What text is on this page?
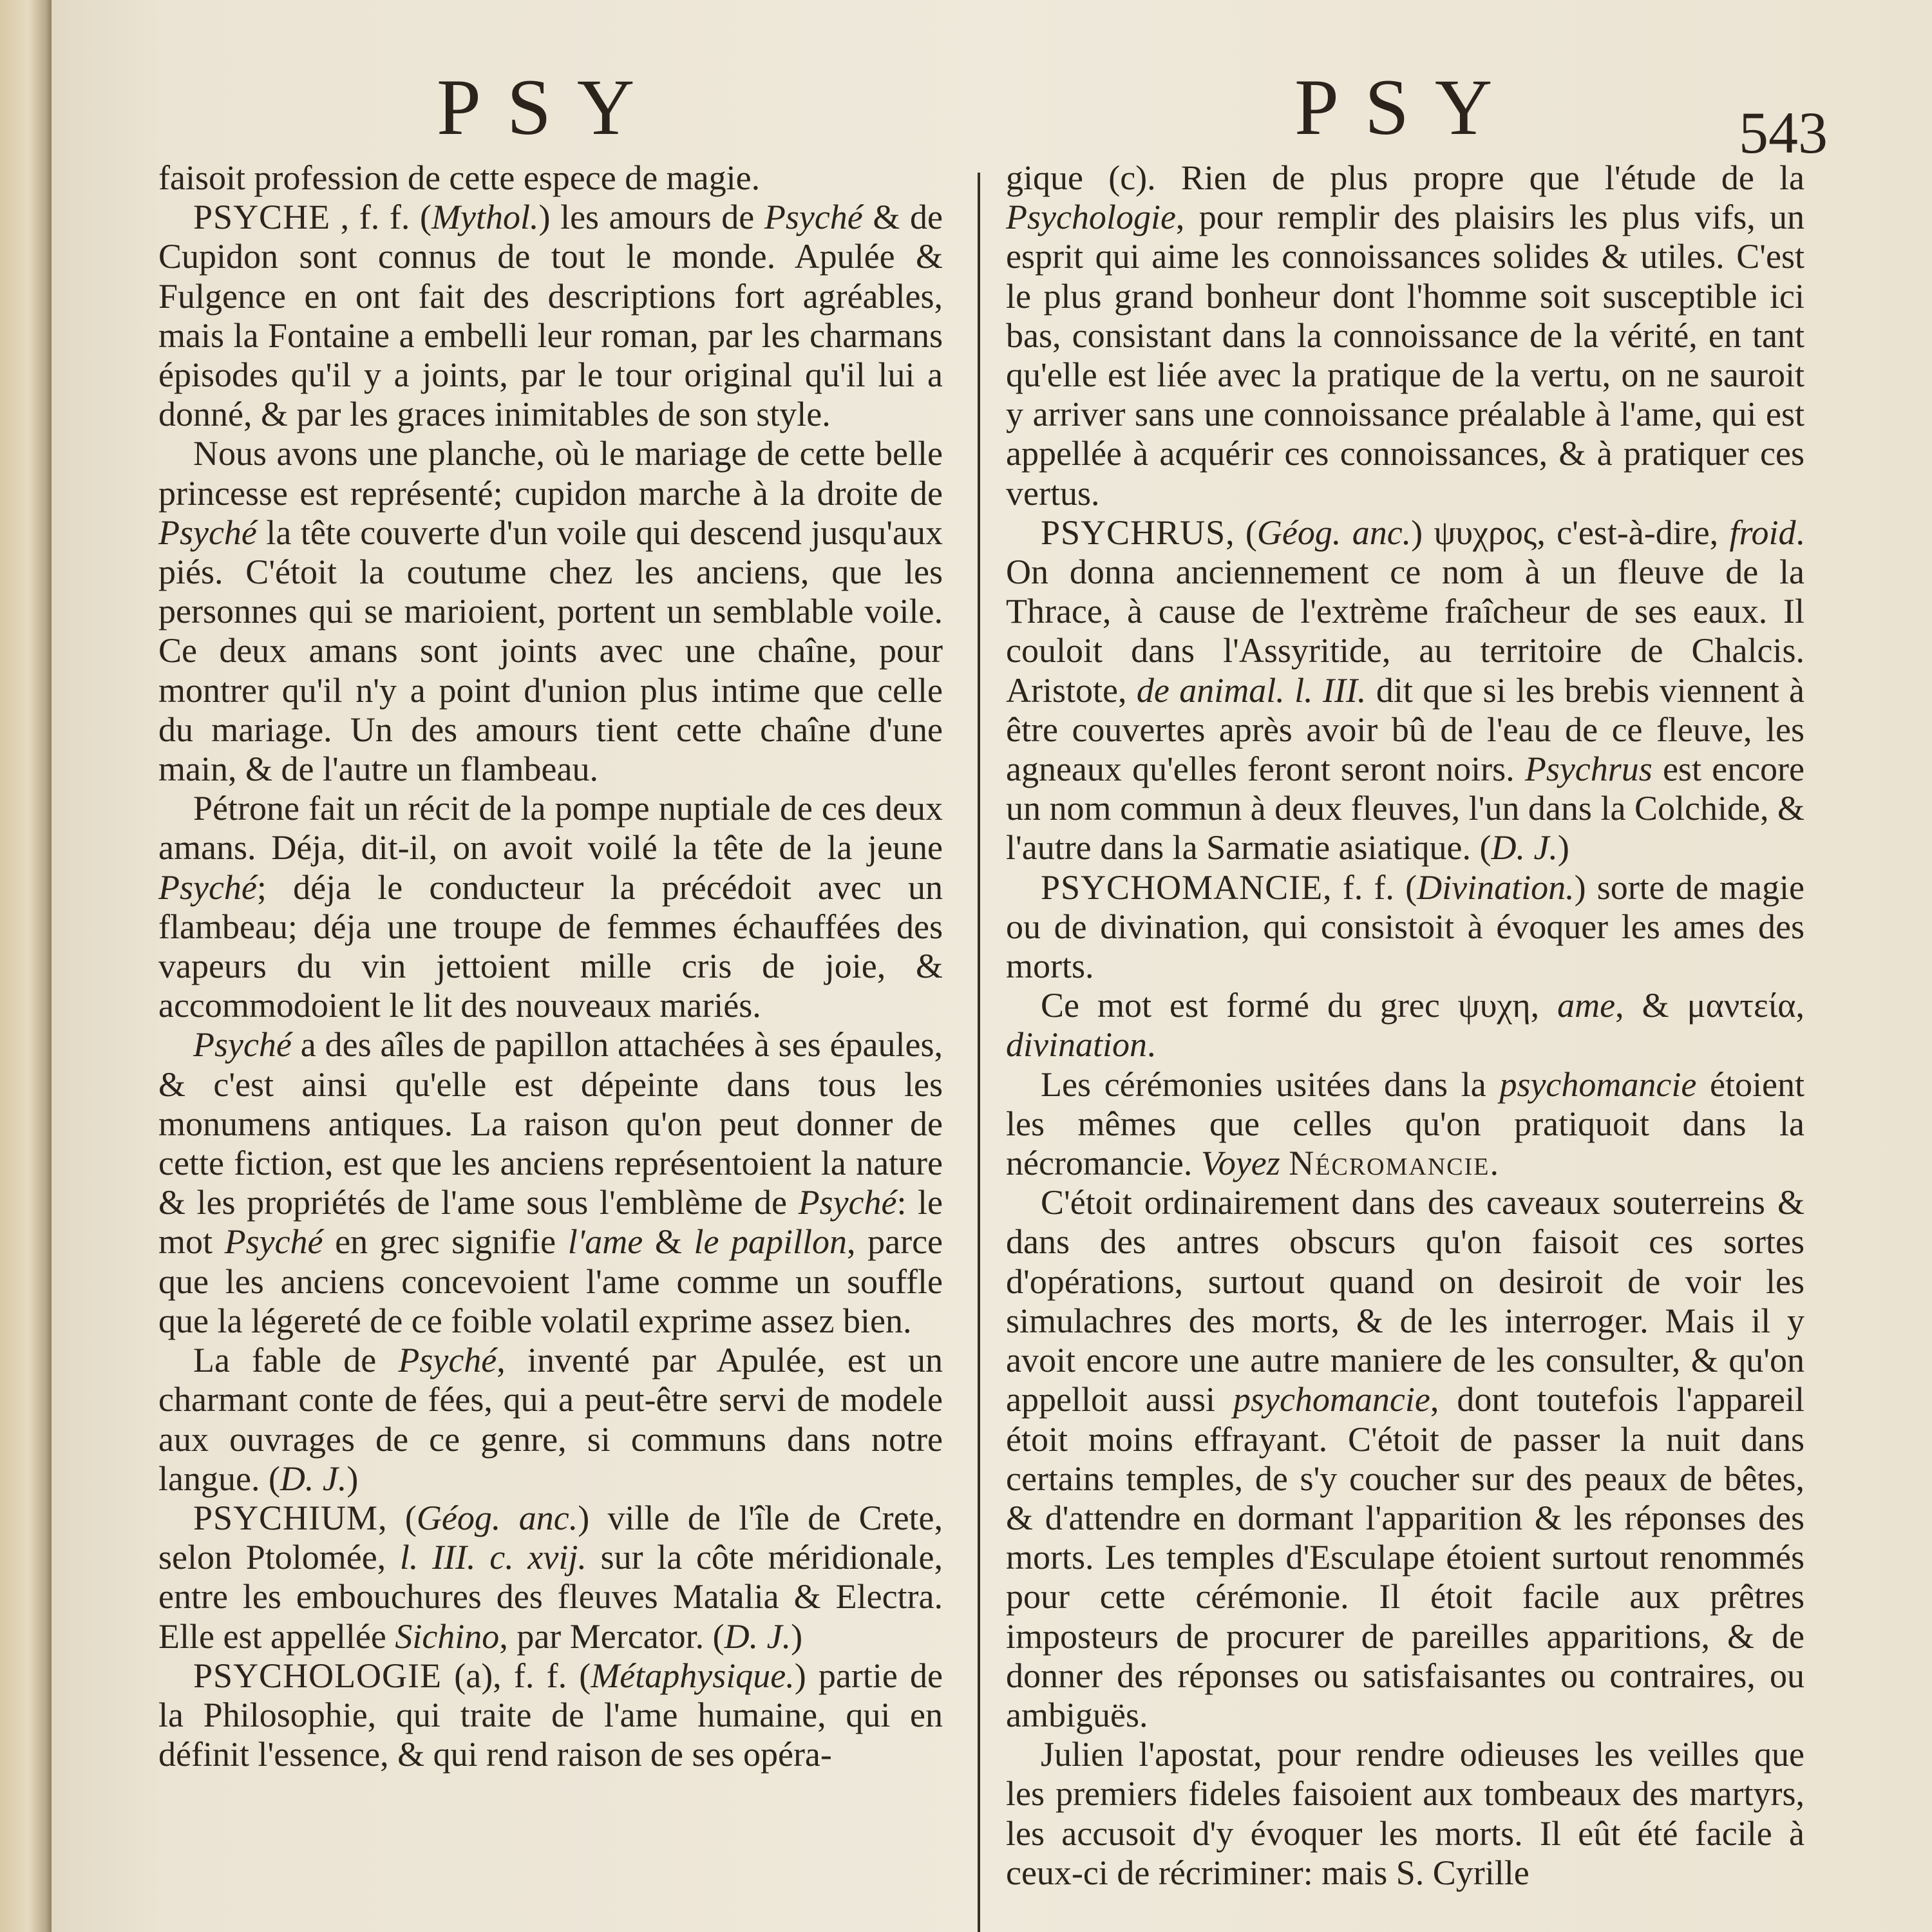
PSY	PSY	543

faisoit profession de cette espece de magie.

PSYCHE , f. f. (Mythol.) les amours de Psyché & de Cupidon sont connus de tout le monde. Apulée & Fulgence en ont fait des descriptions fort agréables, mais la Fontaine a embelli leur roman, par les charmans épisodes qu'il y a joints, par le tour original qu'il lui a donné, & par les graces inimitables de son style.

Nous avons une planche, où le mariage de cette belle princesse est représenté; cupidon marche à la droite de Psyché la tête couverte d'un voile qui descend jusqu'aux piés. C'étoit la coutume chez les anciens, que les personnes qui se marioient, portent un semblable voile. Ce deux amans sont joints avec une chaîne, pour montrer qu'il n'y a point d'union plus intime que celle du mariage. Un des amours tient cette chaîne d'une main, & de l'autre un flambeau.

Pétrone fait un récit de la pompe nuptiale de ces deux amans. Déja, dit-il, on avoit voilé la tête de la jeune Psyché; déja le conducteur la précédoit avec un flambeau; déja une troupe de femmes échauffées des vapeurs du vin jettoient mille cris de joie, & accommodoient le lit des nouveaux mariés.

Psyché a des aîles de papillon attachées à ses épaules, & c'est ainsi qu'elle est dépeinte dans tous les monumens antiques. La raison qu'on peut donner de cette fiction, est que les anciens représentoient la nature & les propriétés de l'ame sous l'emblème de Psyché: le mot Psyché en grec signifie l'ame & le papillon, parce que les anciens concevoient l'ame comme un souffle que la légereté de ce foible volatil exprime assez bien.

La fable de Psyché, inventé par Apulée, est un charmant conte de fées, qui a peut-être servi de modele aux ouvrages de ce genre, si communs dans notre langue. (D. J.)

PSYCHIUM, (Géog. anc.) ville de l'île de Crete, selon Ptolomée, l. III. c. xvij. sur la côte méridionale, entre les embouchures des fleuves Matalia & Electra. Elle est appellée Sichino, par Mercator. (D. J.)

PSYCHOLOGIE (a), f. f. (Métaphysique.) partie de la Philosophie, qui traite de l'ame humaine, qui en définit l'essence, & qui rend raison de ses opéra-

gique (c). Rien de plus propre que l'étude de la Psychologie, pour remplir des plaisirs les plus vifs, un esprit qui aime les connoissances solides & utiles. C'est le plus grand bonheur dont l'homme soit susceptible ici bas, consistant dans la connoissance de la vérité, en tant qu'elle est liée avec la pratique de la vertu, on ne sauroit y arriver sans une connoissance préalable à l'ame, qui est appellée à acquérir ces connoissances, & à pratiquer ces vertus.

PSYCHRUS, (Géog. anc.) ψυχρος, c'est-à-dire, froid. On donna anciennement ce nom à un fleuve de la Thrace, à cause de l'extrème fraîcheur de ses eaux. Il couloit dans l'Assyritide, au territoire de Chalcis. Aristote, de animal. l. III. dit que si les brebis viennent à être couvertes après avoir bû de l'eau de ce fleuve, les agneaux qu'elles feront seront noirs. Psychrus est encore un nom commun à deux fleuves, l'un dans la Colchide, & l'autre dans la Sarmatie asiatique. (D. J.)

PSYCHOMANCIE, f. f. (Divination.) sorte de magie ou de divination, qui consistoit à évoquer les ames des morts.

Ce mot est formé du grec ψυχη, ame, & μαντεία, divination.

Les cérémonies usitées dans la psychomancie étoient les mêmes que celles qu'on pratiquoit dans la nécromancie. Voyez Nécromancie.

C'étoit ordinairement dans des caveaux souterreins & dans des antres obscurs qu'on faisoit ces sortes d'opérations, surtout quand on desiroit de voir les simulachres des morts, & de les interroger. Mais il y avoit encore une autre maniere de les consulter, & qu'on appelloit aussi psychomancie, dont toutefois l'appareil étoit moins effrayant. C'étoit de passer la nuit dans certains temples, de s'y coucher sur des peaux de bêtes, & d'attendre en dormant l'apparition & les réponses des morts. Les temples d'Esculape étoient surtout renommés pour cette cérémonie. Il étoit facile aux prêtres imposteurs de procurer de pareilles apparitions, & de donner des réponses ou satisfaisantes ou contraires, ou ambiguës.

Julien l'apostat, pour rendre odieuses les veilles que les premiers fideles faisoient aux tombeaux des martyrs, les accusoit d'y évoquer les morts. Il eût été facile à ceux-ci de récriminer: mais S. Cyrille
